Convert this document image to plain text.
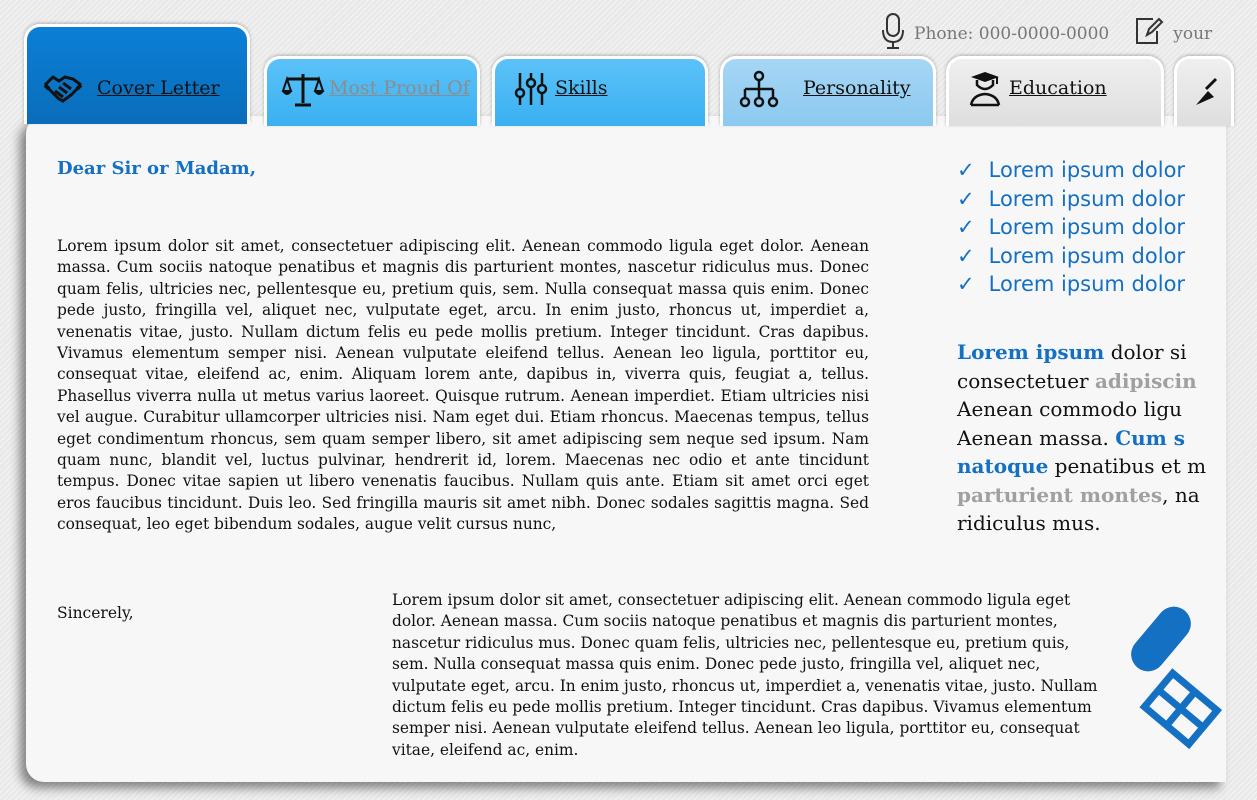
Phone: 000-0000-0000	your
Cover Letter	Most Proud Of	Skills	Personality	Education
Dear Sir or Madam,
Lorem ipsum dolor sit amet, consectetuer adipiscing elit. Aenean commodo ligula eget dolor. Aenean massa. Cum sociis natoque penatibus et magnis dis parturient montes, nascetur ridiculus mus. Donec quam felis, ultricies nec, pellentesque eu, pretium quis, sem. Nulla consequat massa quis enim. Donec pede justo, fringilla vel, aliquet nec, vulputate eget, arcu. In enim justo, rhoncus ut, imperdiet a, venenatis vitae, justo. Nullam dictum felis eu pede mollis pretium. Integer tincidunt. Cras dapibus. Vivamus elementum semper nisi. Aenean vulputate eleifend tellus. Aenean leo ligula, porttitor eu, consequat vitae, eleifend ac, enim. Aliquam lorem ante, dapibus in, viverra quis, feugiat a, tellus. Phasellus viverra nulla ut metus varius laoreet. Quisque rutrum. Aenean imperdiet. Etiam ultricies nisi vel augue. Curabitur ullamcorper ultricies nisi. Nam eget dui. Etiam rhoncus. Maecenas tempus, tellus eget condimentum rhoncus, sem quam semper libero, sit amet adipiscing sem neque sed ipsum. Nam quam nunc, blandit vel, luctus pulvinar, hendrerit id, lorem. Maecenas nec odio et ante tincidunt tempus. Donec vitae sapien ut libero venenatis faucibus. Nullam quis ante. Etiam sit amet orci eget eros faucibus tincidunt. Duis leo. Sed fringilla mauris sit amet nibh. Donec sodales sagittis magna. Sed consequat, leo eget bibendum sodales, augue velit cursus nunc,
Sincerely,
Lorem ipsum dolor sit amet, consectetuer adipiscing elit. Aenean commodo ligula eget dolor. Aenean massa. Cum sociis natoque penatibus et magnis dis parturient montes, nascetur ridiculus mus. Donec quam felis, ultricies nec, pellentesque eu, pretium quis, sem. Nulla consequat massa quis enim. Donec pede justo, fringilla vel, aliquet nec, vulputate eget, arcu. In enim justo, rhoncus ut, imperdiet a, venenatis vitae, justo. Nullam dictum felis eu pede mollis pretium. Integer tincidunt. Cras dapibus. Vivamus elementum semper nisi. Aenean vulputate eleifend tellus. Aenean leo ligula, porttitor eu, consequat vitae, eleifend ac, enim.
✓ Lorem ipsum dolor
✓ Lorem ipsum dolor
✓ Lorem ipsum dolor
✓ Lorem ipsum dolor
✓ Lorem ipsum dolor
Lorem ipsum dolor si
consectetuer adipiscin
Aenean commodo ligu
Aenean massa. Cum s
natoque penatibus et m
parturient montes, na
ridiculus mus.
